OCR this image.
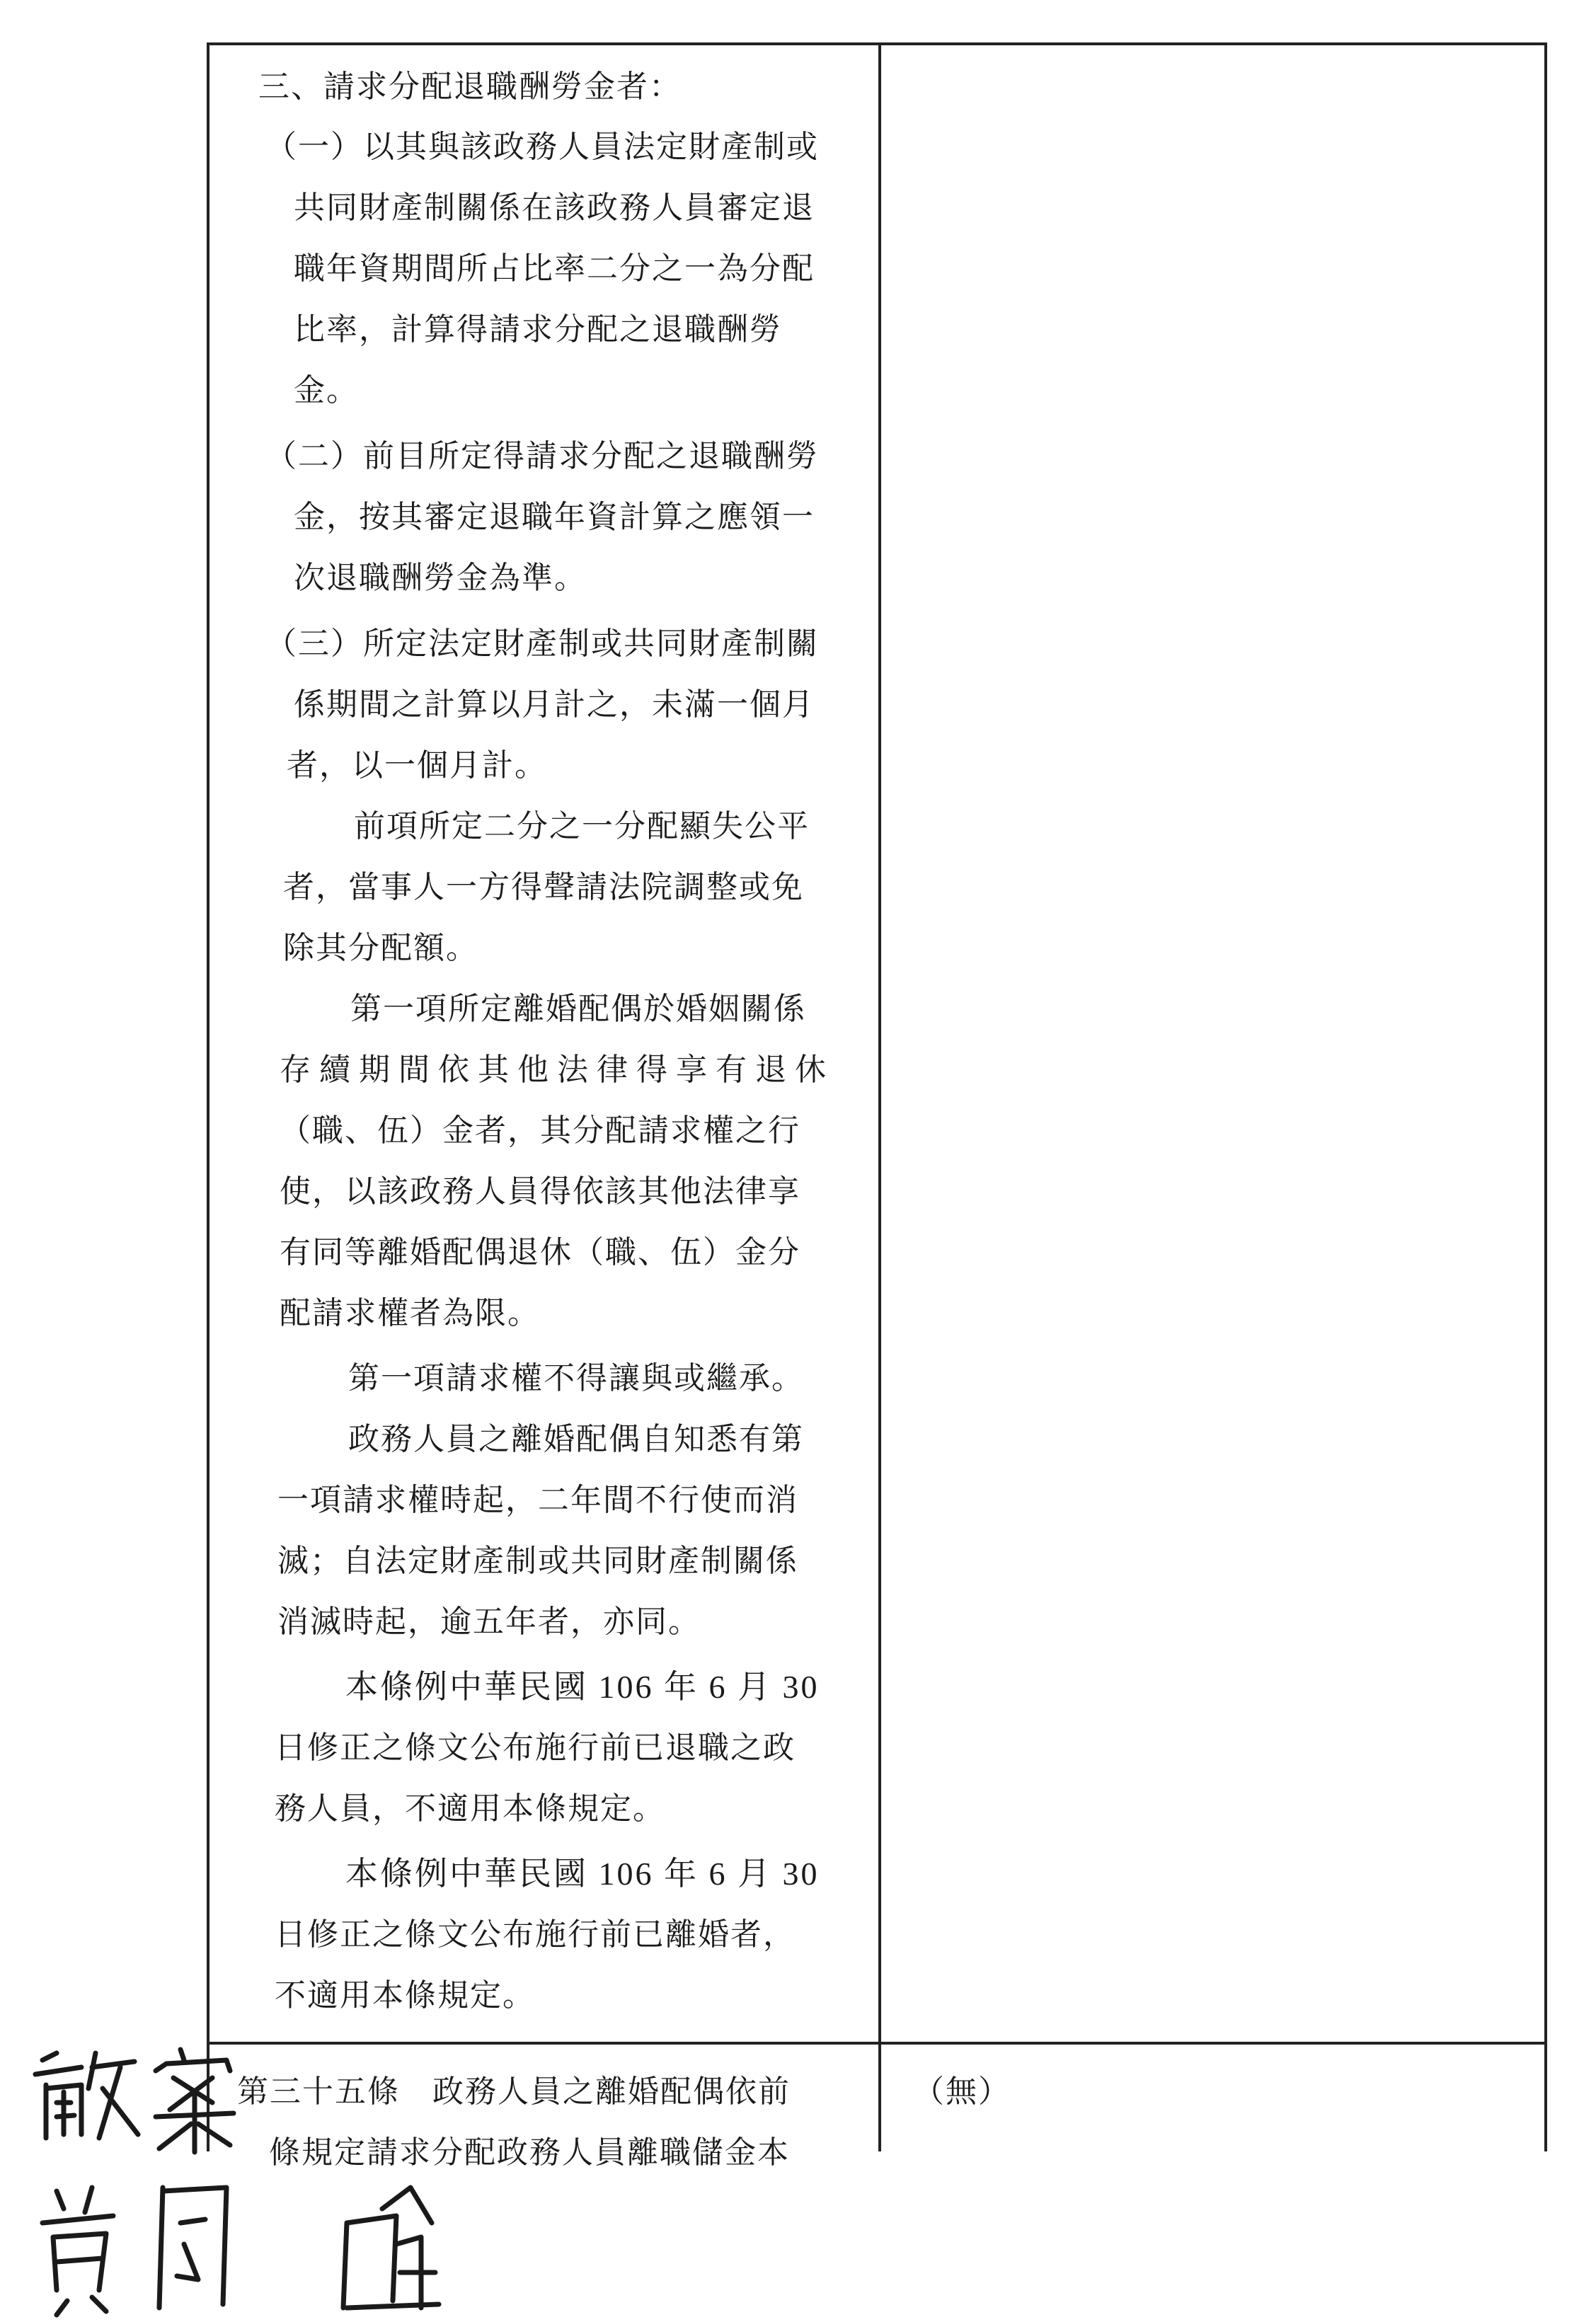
三、請求分配退職酬勞金者：
（一）以其與該政務人員法定財產制或
共同財產制關係在該政務人員審定退
職年資期間所占比率二分之一為分配
比率，計算得請求分配之退職酬勞
金。
（二）前目所定得請求分配之退職酬勞
金，按其審定退職年資計算之應領一
次退職酬勞金為準。
（三）所定法定財產制或共同財產制關
係期間之計算以月計之，未滿一個月
者，以一個月計。
前項所定二分之一分配顯失公平
者，當事人一方得聲請法院調整或免
除其分配額。
第一項所定離婚配偶於婚姻關係
存續期間依其他法律得享有退休
（職、伍）金者，其分配請求權之行
使，以該政務人員得依該其他法律享
有同等離婚配偶退休（職、伍）金分
配請求權者為限。
第一項請求權不得讓與或繼承。
政務人員之離婚配偶自知悉有第
一項請求權時起，二年間不行使而消
滅；自法定財產制或共同財產制關係
消滅時起，逾五年者，亦同。
本條例中華民國 106 年 6 月 30
日修正之條文公布施行前已退職之政
務人員，不適用本條規定。
本條例中華民國 106 年 6 月 30
日修正之條文公布施行前已離婚者，
不適用本條規定。
第三十五條　政務人員之離婚配偶依前
條規定請求分配政務人員離職儲金本
（無）
